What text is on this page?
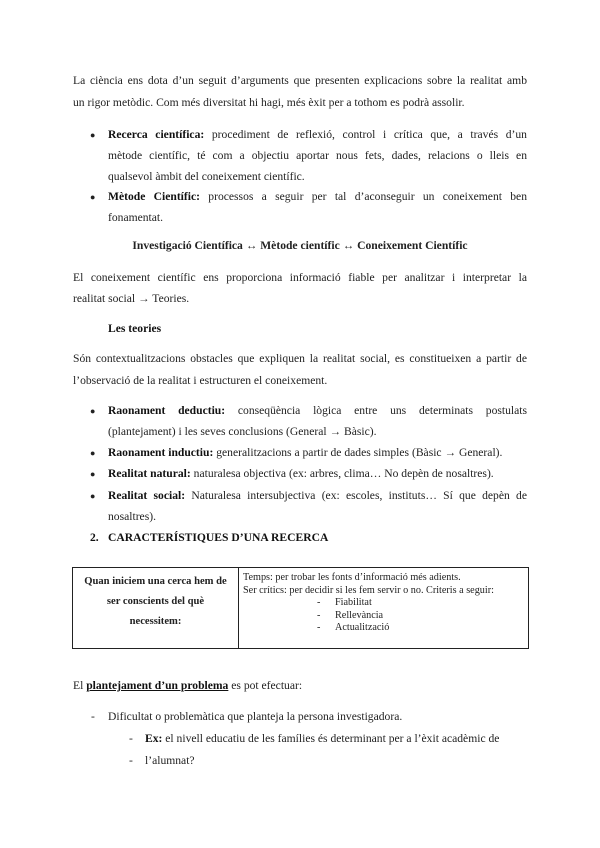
La ciència ens dota d’un seguit d’arguments que presenten explicacions sobre la realitat amb
un rigor metòdic. Com més diversitat hi hagi, més èxit per a tothom es podrà assolir.
● Recerca científica: procediment de reflexió, control i crítica que, a través d’un
mètode científic, té com a objectiu aportar nous fets, dades, relacions o lleis en
qualsevol àmbit del coneixement científic.
● Mètode Científic: processos a seguir per tal d’aconseguir un coneixement ben
fonamentat.
Investigació Científica ↔ Mètode científic ↔ Coneixement Científic
El coneixement científic ens proporciona informació fiable per analitzar i interpretar la
realitat social → Teories.
Les teories
Són contextualitzacions obstacles que expliquen la realitat social, es constitueixen a partir de
l’observació de la realitat i estructuren el coneixement.
● Raonament deductiu: conseqüència lògica entre uns determinats postulats
(plantejament) i les seves conclusions (General → Bàsic).
● Raonament inductiu: generalitzacions a partir de dades simples (Bàsic → General).
● Realitat natural: naturalesa objectiva (ex: arbres, clima… No depèn de nosaltres).
● Realitat social: Naturalesa intersubjectiva (ex: escoles, instituts… Sí que depèn de
nosaltres).
2. CARACTERÍSTIQUES D’UNA RECERCA
Quan iniciem una cerca hem de
ser conscients del què
necessitem:

Temps: per trobar les fonts d’informació més adients.
Ser crítics: per decidir si les fem servir o no. Criteris a seguir:
- Fiabilitat
- Rellevància
- Actualització
El plantejament d’un problema es pot efectuar:
- Dificultat o problemàtica que planteja la persona investigadora.
- Ex: el nivell educatiu de les famílies és determinant per a l’èxit acadèmic de
- l’alumnat?
